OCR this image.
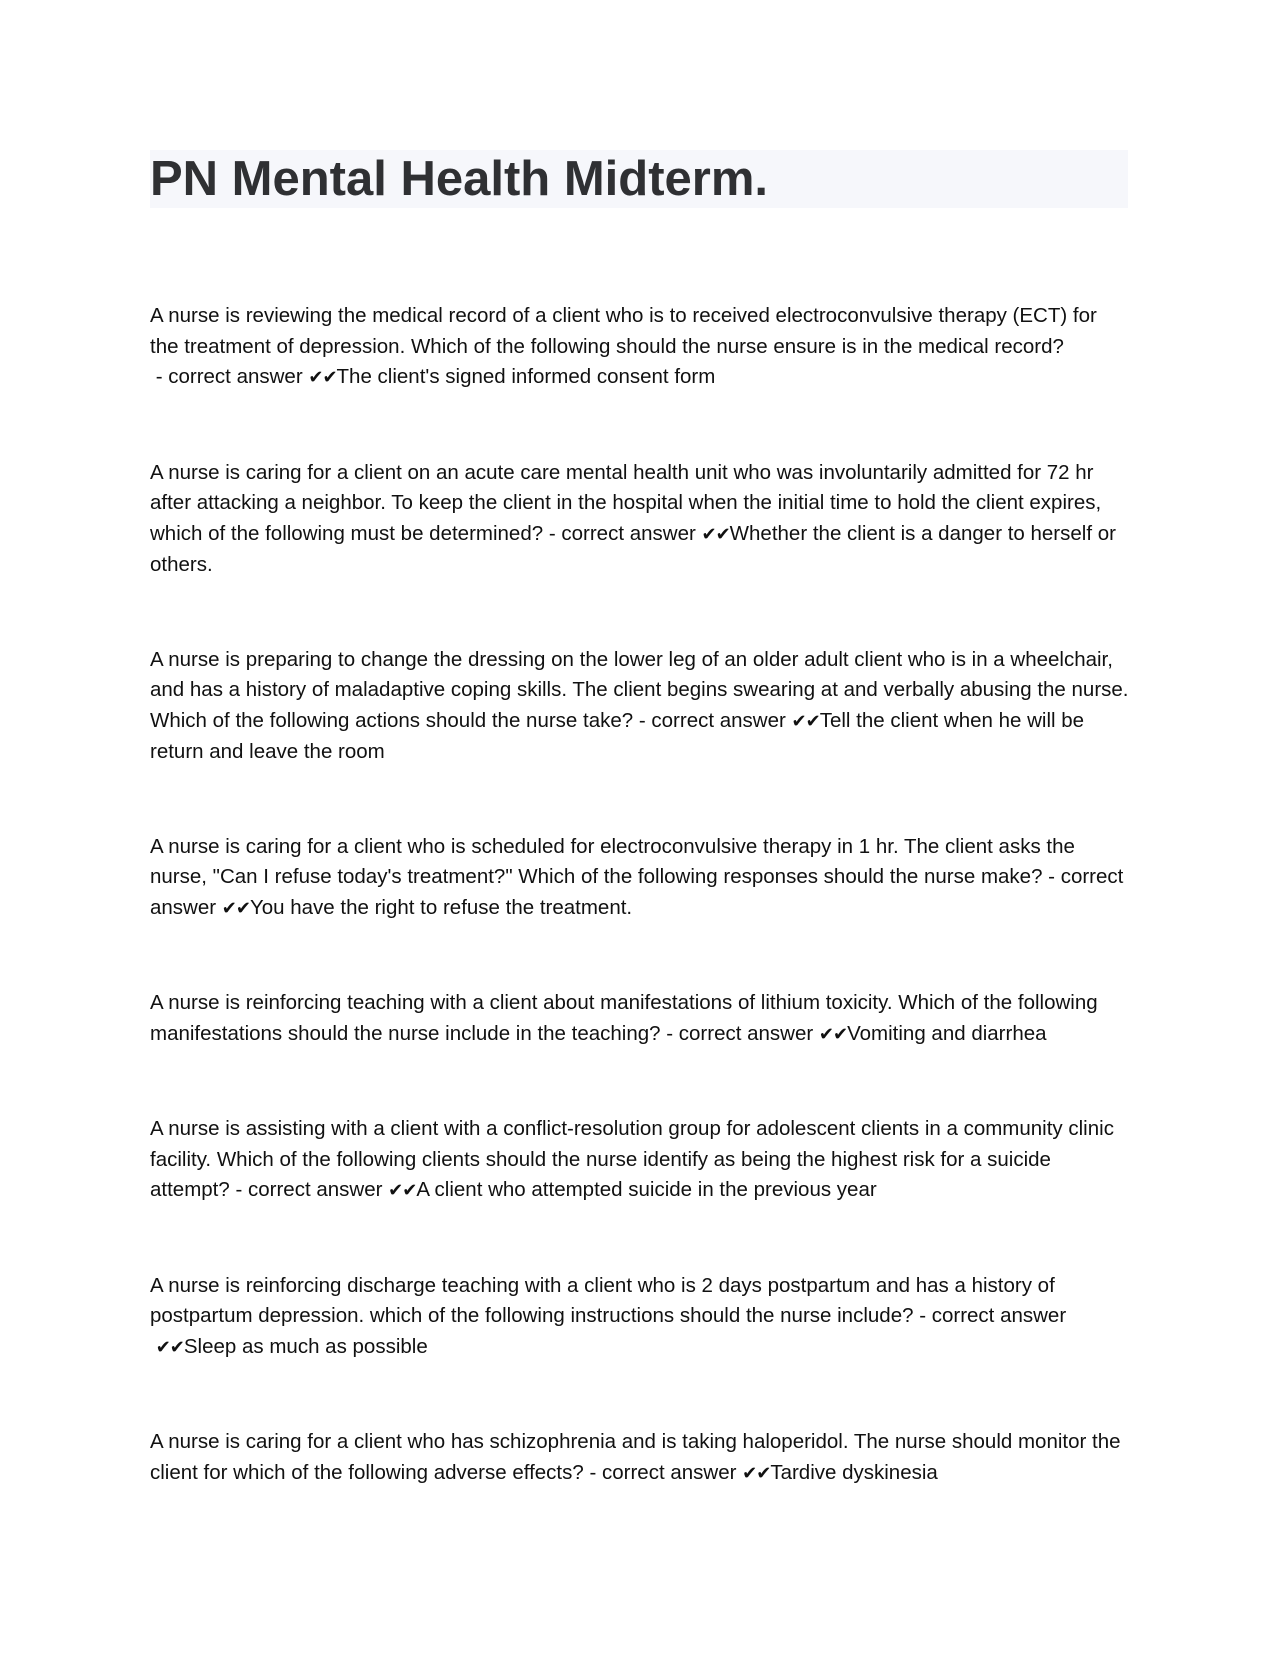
PN Mental Health Midterm.

A nurse is reviewing the medical record of a client who is to received electroconvulsive therapy (ECT) for the treatment of depression. Which of the following should the nurse ensure is in the medical record? - correct answer ✔✔The client's signed informed consent form

A nurse is caring for a client on an acute care mental health unit who was involuntarily admitted for 72 hr after attacking a neighbor. To keep the client in the hospital when the initial time to hold the client expires, which of the following must be determined? - correct answer ✔✔Whether the client is a danger to herself or others.

A nurse is preparing to change the dressing on the lower leg of an older adult client who is in a wheelchair, and has a history of maladaptive coping skills. The client begins swearing at and verbally abusing the nurse. Which of the following actions should the nurse take? - correct answer ✔✔Tell the client when he will be return and leave the room

A nurse is caring for a client who is scheduled for electroconvulsive therapy in 1 hr. The client asks the nurse, "Can I refuse today's treatment?" Which of the following responses should the nurse make? - correct answer ✔✔You have the right to refuse the treatment.

A nurse is reinforcing teaching with a client about manifestations of lithium toxicity. Which of the following manifestations should the nurse include in the teaching? - correct answer ✔✔Vomiting and diarrhea

A nurse is assisting with a client with a conflict-resolution group for adolescent clients in a community clinic facility. Which of the following clients should the nurse identify as being the highest risk for a suicide attempt? - correct answer ✔✔A client who attempted suicide in the previous year

A nurse is reinforcing discharge teaching with a client who is 2 days postpartum and has a history of postpartum depression. which of the following instructions should the nurse include? - correct answer ✔✔Sleep as much as possible

A nurse is caring for a client who has schizophrenia and is taking haloperidol. The nurse should monitor the client for which of the following adverse effects? - correct answer ✔✔Tardive dyskinesia
